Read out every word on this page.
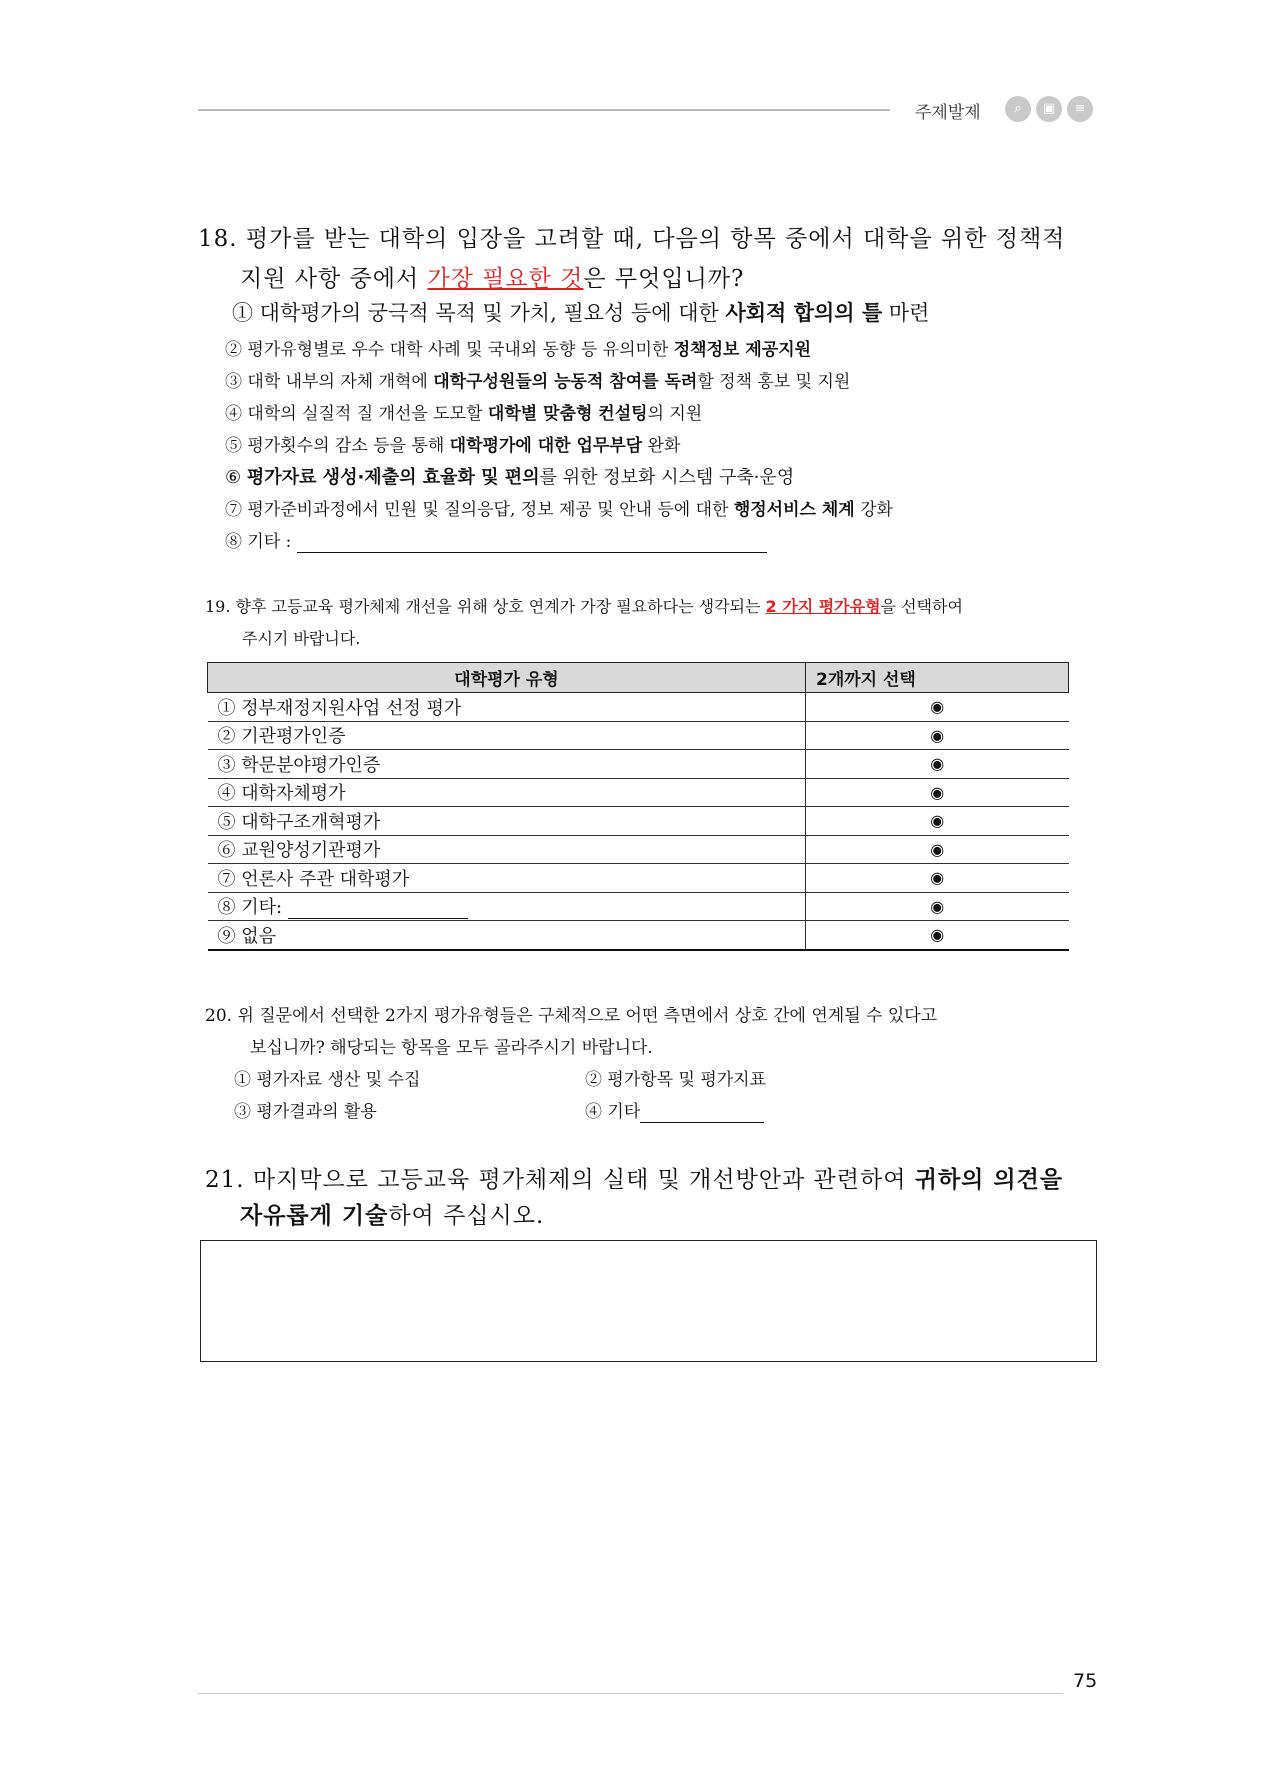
주제발제	⌕	▣	≡
18. 평가를 받는 대학의 입장을 고려할 때, 다음의 항목 중에서 대학을 위한 정책적
지원 사항 중에서 가장 필요한 것은 무엇입니까?
① 대학평가의 궁극적 목적 및 가치, 필요성 등에 대한 사회적 합의의 틀 마련
② 평가유형별로 우수 대학 사례 및 국내외 동향 등 유의미한 정책정보 제공지원
③ 대학 내부의 자체 개혁에 대학구성원들의 능동적 참여를 독려할 정책 홍보 및 지원
④ 대학의 실질적 질 개선을 도모할 대학별 맞춤형 컨설팅의 지원
⑤ 평가횟수의 감소 등을 통해 대학평가에 대한 업무부담 완화
⑥ 평가자료 생성·제출의 효율화 및 편의를 위한 정보화 시스템 구축·운영
⑦ 평가준비과정에서 민원 및 질의응답, 정보 제공 및 안내 등에 대한 행정서비스 체계 강화
⑧ 기타 :
19. 향후 고등교육 평가체제 개선을 위해 상호 연계가 가장 필요하다는 생각되는 2 가지 평가유형을 선택하여
주시기 바랍니다.
대학평가 유형	2개까지 선택
① 정부재정지원사업 선정 평가	◉
② 기관평가인증	◉
③ 학문분야평가인증	◉
④ 대학자체평가	◉
⑤ 대학구조개혁평가	◉
⑥ 교원양성기관평가	◉
⑦ 언론사 주관 대학평가	◉
⑧ 기타:	◉
⑨ 없음	◉
20. 위 질문에서 선택한 2가지 평가유형들은 구체적으로 어떤 측면에서 상호 간에 연계될 수 있다고
보십니까? 해당되는 항목을 모두 골라주시기 바랍니다.
① 평가자료 생산 및 수집	② 평가항목 및 평가지표
③ 평가결과의 활용	④ 기타
21. 마지막으로 고등교육 평가체제의 실태 및 개선방안과 관련하여 귀하의 의견을
자유롭게 기술하여 주십시오.
75
